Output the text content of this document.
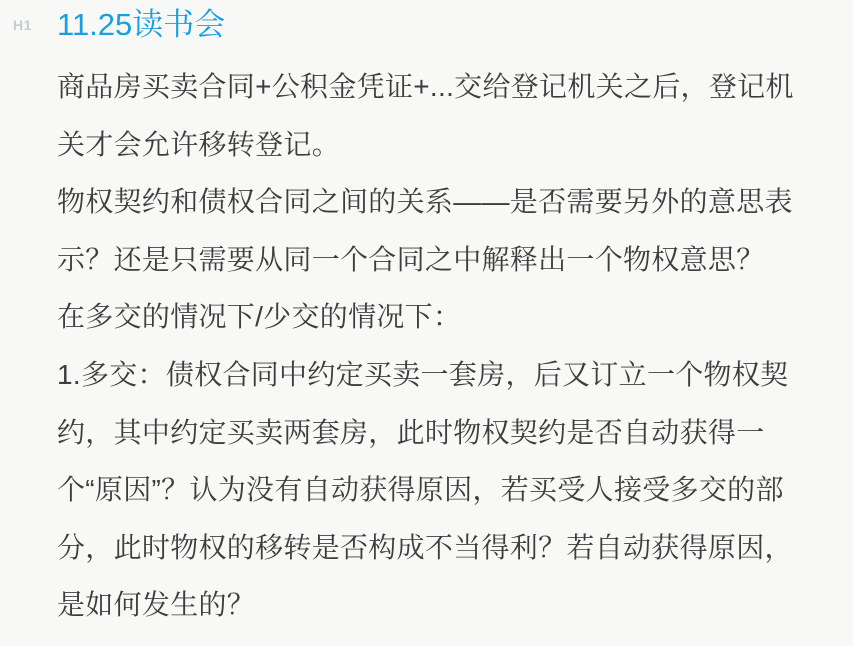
H1 11.25读书会

商品房买卖合同+公积金凭证+...交给登记机关之后，登记机关才会允许移转登记。

物权契约和债权合同之间的关系——是否需要另外的意思表示？还是只需要从同一个合同之中解释出一个物权意思？

在多交的情况下/少交的情况下：

1.多交：债权合同中约定买卖一套房，后又订立一个物权契约，其中约定买卖两套房，此时物权契约是否自动获得一个“原因”？认为没有自动获得原因，若买受人接受多交的部分，此时物权的移转是否构成不当得利？若自动获得原因，是如何发生的？
